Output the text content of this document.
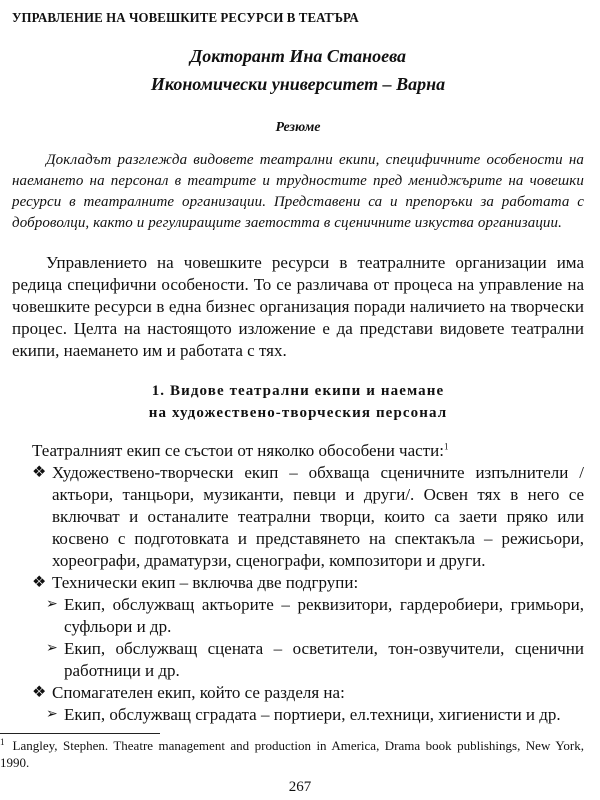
УПРАВЛЕНИЕ НА ЧОВЕШКИТЕ РЕСУРСИ В ТЕАТЪРА
Докторант Ина Станоева
Икономически университет – Варна
Резюме

Докладът разглежда видовете театрални екипи, специфичните особености на наемането на персонал в театрите и трудностите пред мениджърите на човешки ресурси в театралните организации. Представени са и препоръки за работата с доброволци, както и регулиращите заетостта в сценичните изкуства организации.

Управлението на човешките ресурси в театралните организации има редица специфични особености. То се различава от процеса на управление на човешките ресурси в една бизнес организация поради наличието на творчески процес. Целта на настоящото изложение е да представи видовете театрални екипи, наемането им и работата с тях.

1. Видове театрални екипи и наемане
на художествено-творческия персонал

Театралният екип се състои от няколко обособени части:$^1$

❖ Художествено-творчески екип – обхваща сценичните изпълнители /актьори, танцьори, музиканти, певци и други/. Освен тях в него се включват и останалите театрални творци, които са заети пряко или косвено с подготовката и представянето на спектакъла – режисьори, хореографи, драматурзи, сценографи, композитори и други.
❖ Технически екип – включва две подгрупи:
➢ Екип, обслужващ актьорите – реквизитори, гардеробиери, гримьори, суфльори и др.
➢ Екип, обслужващ сцената – осветители, тон-озвучители, сценични работници и др.
❖ Спомагателен екип, който се разделя на:
➢ Екип, обслужващ сградата – портиери, ел.техници, хигиенисти и др.
$^1$ Langley, Stephen. Theatre management and production in America, Drama book publishings, New York, 1990.
267
